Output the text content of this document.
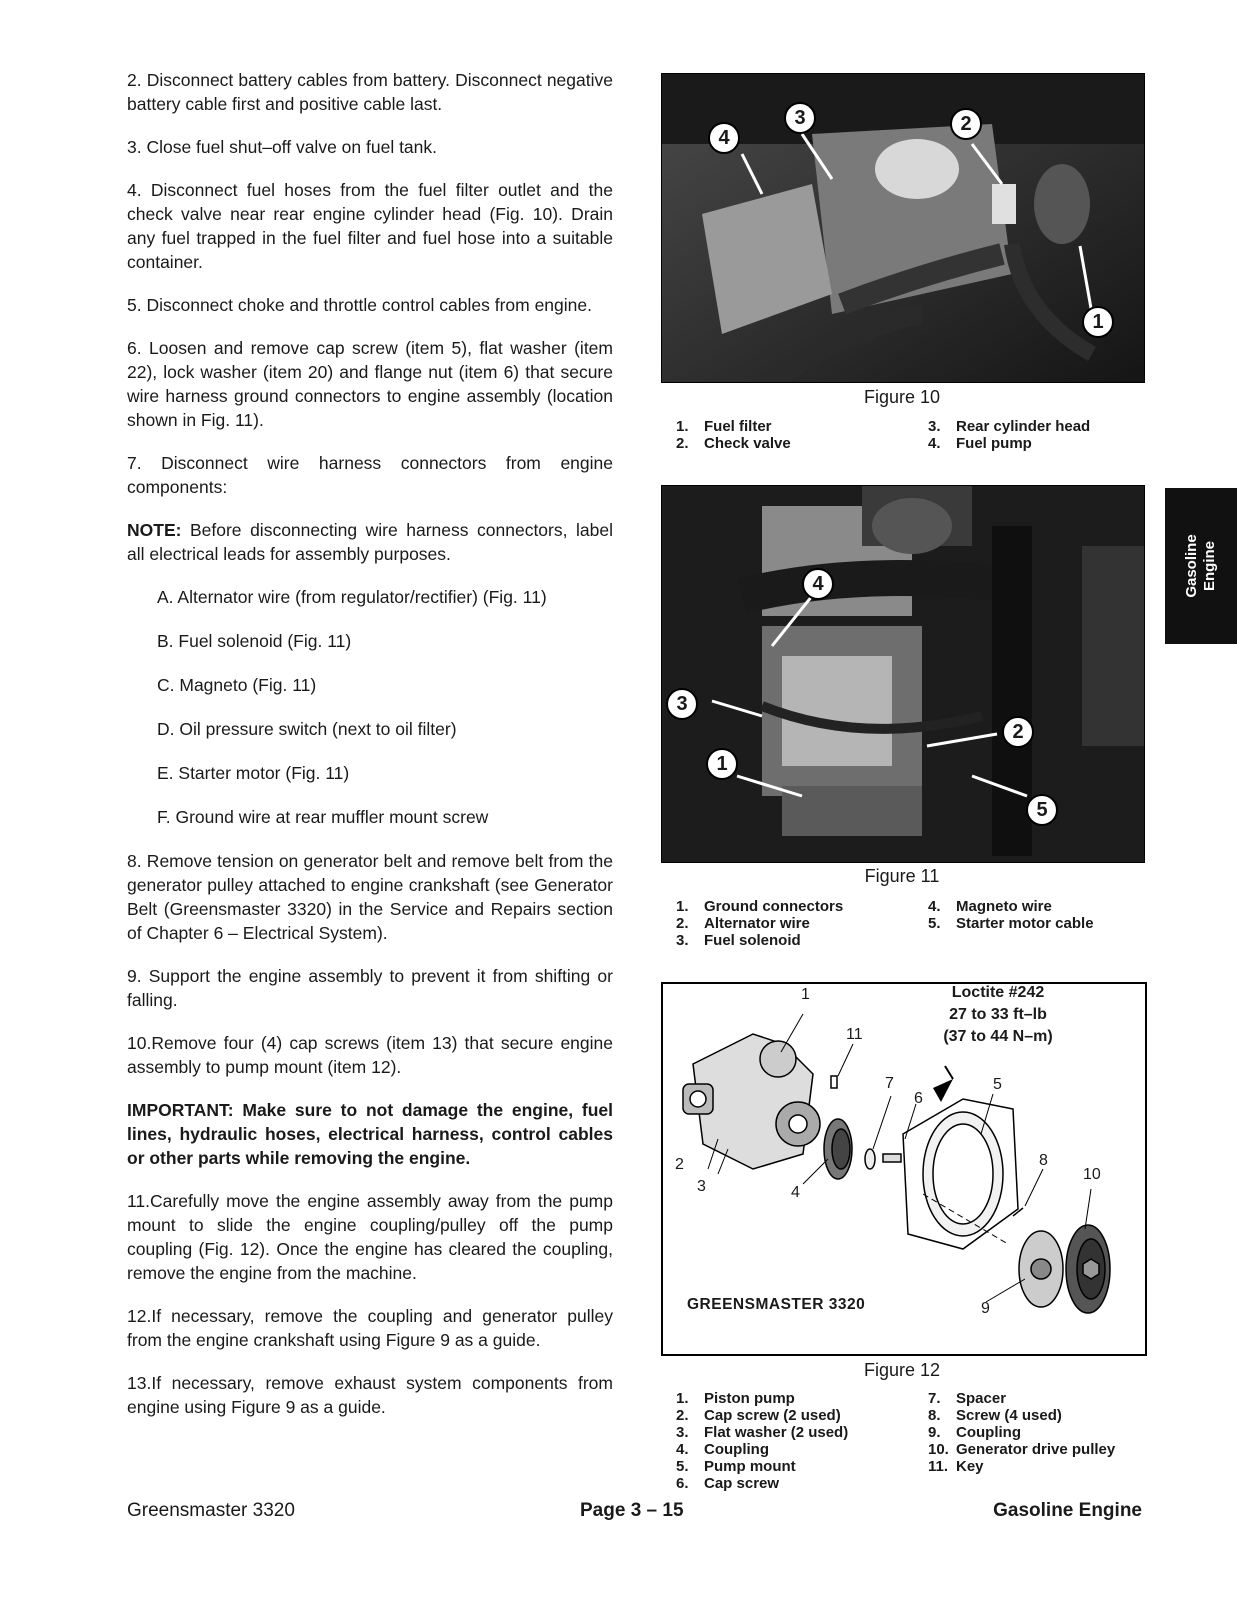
2. Disconnect battery cables from battery. Disconnect negative battery cable first and positive cable last.

3. Close fuel shut–off valve on fuel tank.

4. Disconnect fuel hoses from the fuel filter outlet and the check valve near rear engine cylinder head (Fig. 10). Drain any fuel trapped in the fuel filter and fuel hose into a suitable container.

5. Disconnect choke and throttle control cables from engine.

6. Loosen and remove cap screw (item 5), flat washer (item 22), lock washer (item 20) and flange nut (item 6) that secure wire harness ground connectors to engine assembly (location shown in Fig. 11).

7. Disconnect wire harness connectors from engine components:

NOTE: Before disconnecting wire harness connectors, label all electrical leads for assembly purposes.

A. Alternator wire (from regulator/rectifier) (Fig. 11)
B. Fuel solenoid (Fig. 11)
C. Magneto (Fig. 11)
D. Oil pressure switch (next to oil filter)
E. Starter motor (Fig. 11)
F. Ground wire at rear muffler mount screw

8. Remove tension on generator belt and remove belt from the generator pulley attached to engine crankshaft (see Generator Belt (Greensmaster 3320) in the Service and Repairs section of Chapter 6 – Electrical System).

9. Support the engine assembly to prevent it from shifting or falling.

10.Remove four (4) cap screws (item 13) that secure engine assembly to pump mount (item 12).

IMPORTANT: Make sure to not damage the engine, fuel lines, hydraulic hoses, electrical harness, control cables or other parts while removing the engine.

11.Carefully move the engine assembly away from the pump mount to slide the engine coupling/pulley off the pump coupling (Fig. 12). Once the engine has cleared the coupling, remove the engine from the machine.

12.If necessary, remove the coupling and generator pulley from the engine crankshaft using Figure 9 as a guide.

13.If necessary, remove exhaust system components from engine using Figure 9 as a guide.

4
3	2
1
Figure 10
1.	Fuel filter
2.	Check valve
3.	Rear cylinder head
4.	Fuel pump
4
3
2
1
5
Figure 11
1.	Ground connectors
2.	Alternator wire
3.	Fuel solenoid
4.	Magneto wire
5.	Starter motor cable
Loctite #242
27 to 33 ft–lb
(37 to 44 N–m)
1
2
3	4
5
6
7
8
9
10
11
GREENSMASTER 3320
Figure 12
1.	Piston pump
2.	Cap screw (2 used)
3.	Flat washer (2 used)
4.	Coupling
5.	Pump mount
6.	Cap screw
7.	Spacer
8.	Screw (4 used)
9.	Coupling
10. Generator drive pulley
11. Key
Gasoline Engine
Greensmaster 3320	Page 3 – 15	Gasoline Engine
